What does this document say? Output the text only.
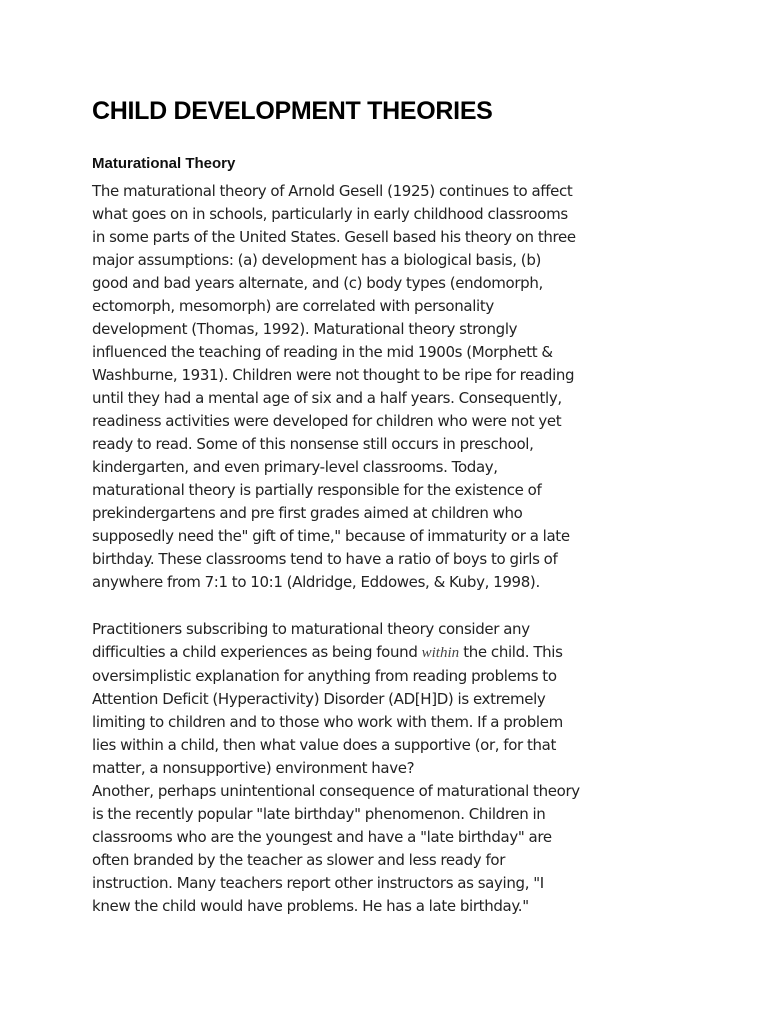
CHILD DEVELOPMENT THEORIES
Maturational Theory

The maturational theory of Arnold Gesell (1925) continues to affect
what goes on in schools, particularly in early childhood classrooms
in some parts of the United States. Gesell based his theory on three
major assumptions: (a) development has a biological basis, (b)
good and bad years alternate, and (c) body types (endomorph,
ectomorph, mesomorph) are correlated with personality
development (Thomas, 1992). Maturational theory strongly
influenced the teaching of reading in the mid 1900s (Morphett &
Washburne, 1931). Children were not thought to be ripe for reading
until they had a mental age of six and a half years. Consequently,
readiness activities were developed for children who were not yet
ready to read. Some of this nonsense still occurs in preschool,
kindergarten, and even primary-level classrooms. Today,
maturational theory is partially responsible for the existence of
prekindergartens and pre first grades aimed at children who
supposedly need the" gift of time," because of immaturity or a late
birthday. These classrooms tend to have a ratio of boys to girls of
anywhere from 7:1 to 10:1 (Aldridge, Eddowes, & Kuby, 1998).

Practitioners subscribing to maturational theory consider any
difficulties a child experiences as being found within the child. This
oversimplistic explanation for anything from reading problems to
Attention Deficit (Hyperactivity) Disorder (AD[H]D) is extremely
limiting to children and to those who work with them. If a problem
lies within a child, then what value does a supportive (or, for that
matter, a nonsupportive) environment have?

Another, perhaps unintentional consequence of maturational theory
is the recently popular "late birthday" phenomenon. Children in
classrooms who are the youngest and have a "late birthday" are
often branded by the teacher as slower and less ready for
instruction. Many teachers report other instructors as saying, "I
knew the child would have problems. He has a late birthday."
